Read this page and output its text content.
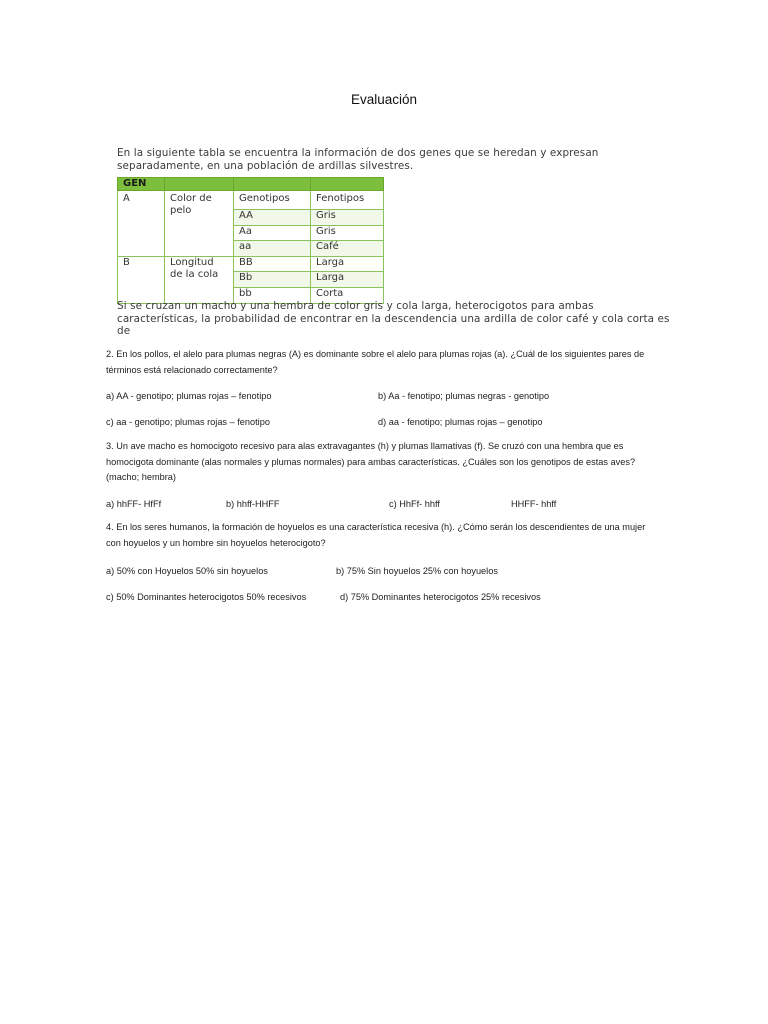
Evaluación

En la siguiente tabla se encuentra la información de dos genes que se heredan y expresan separadamente, en una población de ardillas silvestres.

GEN			
A	Color de pelo	Genotipos	Fenotipos
		AA	Gris
		Aa	Gris
		aa	Café
B	Longitud de la cola	BB	Larga
		Bb	Larga
		bb	Corta

Si se cruzan un macho y una hembra de color gris y cola larga, heterocigotos para ambas características, la probabilidad de encontrar en la descendencia una ardilla de color café y cola corta es de

2. En los pollos, el alelo para plumas negras (A) es dominante sobre el alelo para plumas rojas (a). ¿Cuál de los siguientes pares de términos está relacionado correctamente?

a) AA - genotipo; plumas rojas – fenotipo	b) Aa - fenotipo; plumas negras - genotipo
c) aa - genotipo; plumas rojas – fenotipo	d) aa - fenotipo; plumas rojas – genotipo

3. Un ave macho es homocigoto recesivo para alas extravagantes (h) y plumas llamativas (f). Se cruzó con una hembra que es homocigota dominante (alas normales y plumas normales) para ambas características. ¿Cuáles son los genotipos de estas aves? (macho; hembra)

a) hhFF- HfFf	b) hhff-HHFF	c) HhFf- hhff	HHFF- hhff

4. En los seres humanos, la formación de hoyuelos es una característica recesiva (h). ¿Cómo serán los descendientes de una mujer con hoyuelos y un hombre sin hoyuelos heterocigoto?

a) 50% con Hoyuelos 50% sin hoyuelos	b) 75% Sin hoyuelos 25% con hoyuelos
c) 50% Dominantes heterocigotos 50% recesivos	d) 75% Dominantes heterocigotos 25% recesivos
